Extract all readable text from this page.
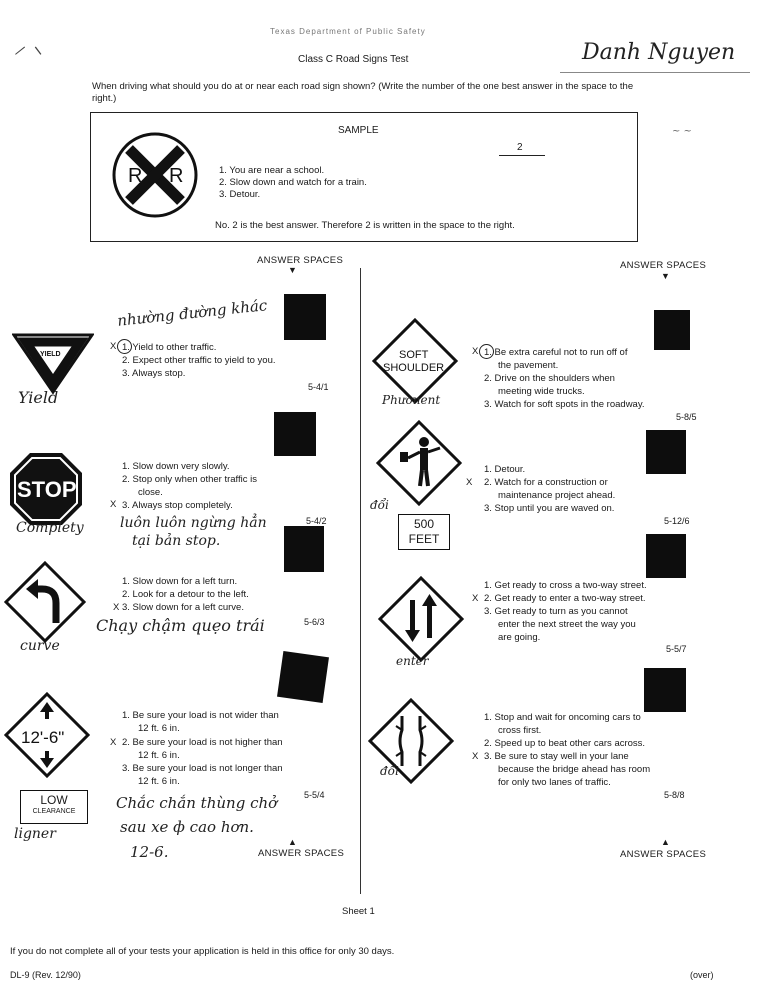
Texas Department of Public Safety
⸝ ⸜
Class C Road Signs Test	Danh Nguyen
When driving what should you do at or near each road sign shown? (Write the number of the one best answer in the space to the right.)
SAMPLE
2
R R	1. You are near a school.
2. Slow down and watch for a train.
3. Detour.
No. 2 is the best answer. Therefore 2 is written in the space to the right.
~ ~
ANSWER SPACES
▼	ANSWER SPACES
▼
YIELD
Yield
nhường đường khác
X 1. Yield to other traffic.
2. Expect other traffic to yield to you.
3. Always stop.
5-4/1
STOP
Complety
1. Slow down very slowly.
2. Stop only when other traffic is
close.
X 3. Always stop completely.
luôn luôn ngừng hẳn
tại bản stop.
5-4/2
curve
1. Slow down for a left turn.
2. Look for a detour to the left.
X 3. Slow down for a left curve.
Chạy chậm quẹo trái	5-6/3
12'-6"
LOW
CLEARANCE
ligner
1. Be sure your load is not wider than
12 ft. 6 in.
X 2. Be sure your load is not higher than
12 ft. 6 in.
3. Be sure your load is not longer than
12 ft. 6 in.
5-5/4
Chắc chắn thùng chở
sau xe ф cao hơn.
12-6.
▲
ANSWER SPACES
SOFT
SHOULDER
Phươnent
X 1. Be extra careful not to run off of
the pavement.
2. Drive on the shoulders when
meeting wide trucks.
3. Watch for soft spots in the roadway.
5-8/5
đổi
500
FEET
1. Detour.
X 2. Watch for a construction or
maintenance project ahead.
3. Stop until you are waved on.
5-12/6
enter
1. Get ready to cross a two-way street.
X 2. Get ready to enter a two-way street.
3. Get ready to turn as you cannot
enter the next street the way you
are going.
5-5/7
đổi
1. Stop and wait for oncoming cars to
cross first.
2. Speed up to beat other cars across.
X 3. Be sure to stay well in your lane
because the bridge ahead has room
for only two lanes of traffic.
5-8/8
▲
ANSWER SPACES
Sheet 1
If you do not complete all of your tests your application is held in this office for only 30 days.
DL-9 (Rev. 12/90)	(over)
